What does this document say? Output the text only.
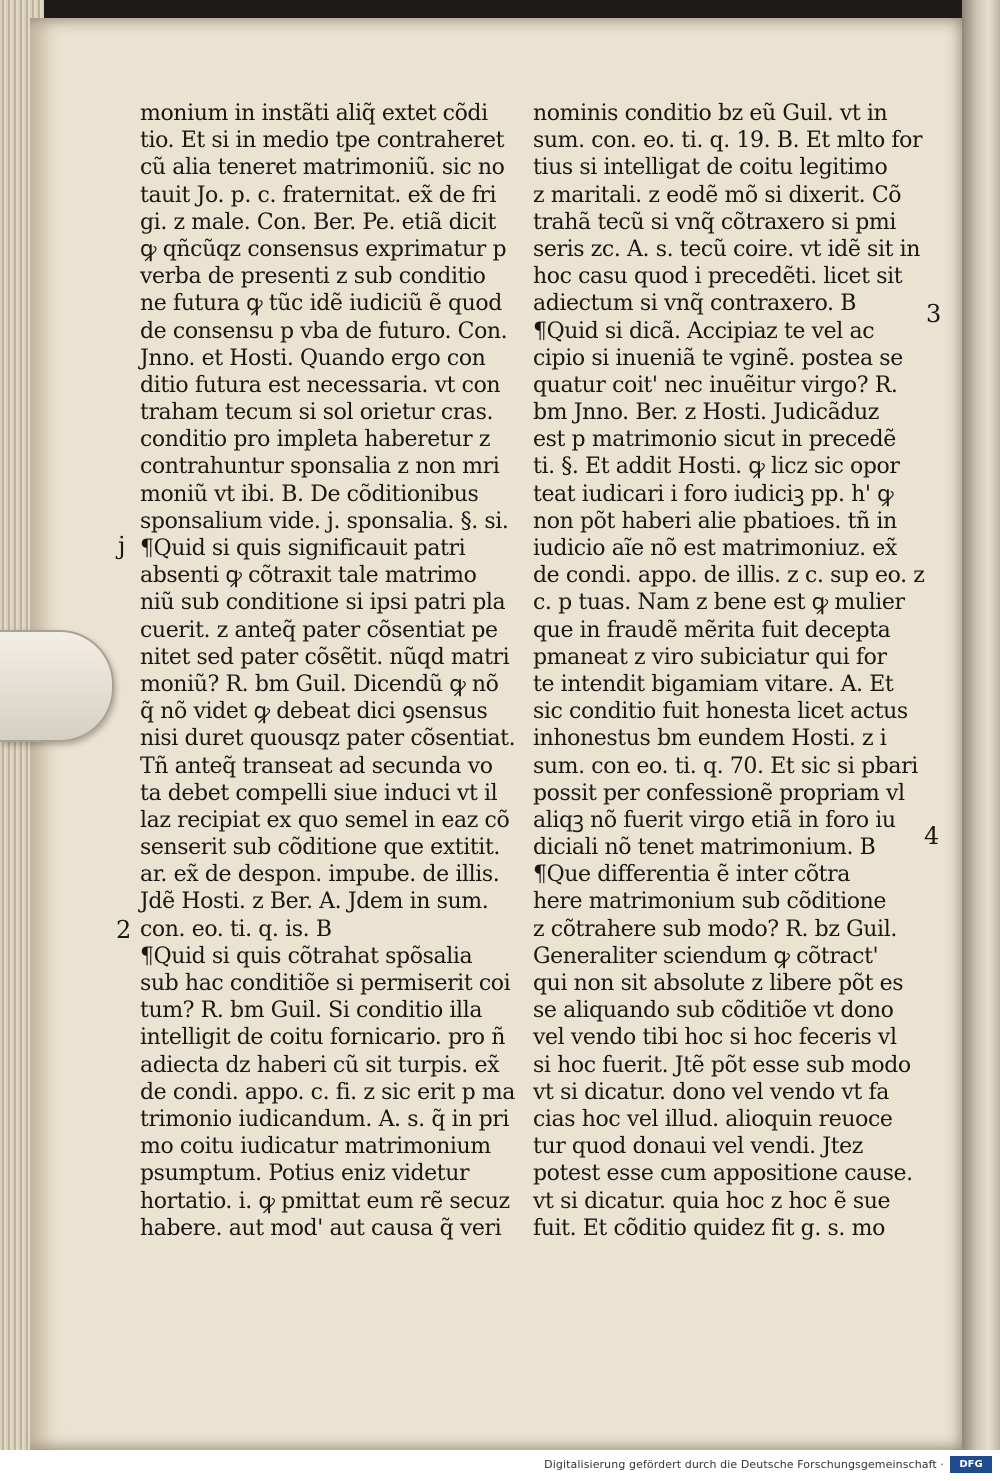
monium in instãti aliq̃ extet cõdi
tio. Et si in medio tpe contraheret
cũ alia teneret matrimoniũ. sic no
tauit Jo. p. c. fraternitat. ex̃ de fri
gi. z male. Con. Ber. Pe. etiã dicit
ꝙ qñcũqz consensus exprimatur p
verba de presenti z sub conditio
ne futura ꝙ tũc idẽ iudiciũ ẽ quod
de consensu p vba de futuro. Con.
Jnno. et Hosti. Quando ergo con
ditio futura est necessaria. vt con
traham tecum si sol orietur cras.
conditio pro impleta haberetur z
contrahuntur sponsalia z non mri
moniũ vt ibi. B. De cõditionibus
sponsalium vide. j. sponsalia. §. si.
¶Quid si quis significauit patri
absenti ꝙ cõtraxit tale matrimo
niũ sub conditione si ipsi patri pla
cuerit. z anteq̃ pater cõsentiat pe
nitet sed pater cõsẽtit. nũqd matri
moniũ? R. bm Guil. Dicendũ ꝙ nõ
q̃ nõ videt ꝙ debeat dici ꝯsensus
nisi duret quousqz pater cõsentiat.
Tñ anteq̃ transeat ad secunda vo
ta debet compelli siue induci vt il
laz recipiat ex quo semel in eaz cõ
senserit sub cõditione que extitit.
ar. ex̃ de despon. impube. de illis.
Jdẽ Hosti. z Ber. A. Jdem in sum.
con. eo. ti. q. is. B
¶Quid si quis cõtrahat spõsalia
sub hac conditiõe si permiserit coi
tum? R. bm Guil. Si conditio illa
intelligit de coitu fornicario. pro ñ
adiecta dz haberi cũ sit turpis. ex̃
de condi. appo. c. fi. z sic erit p ma
trimonio iudicandum. A. s. q̃ in pri
mo coitu iudicatur matrimonium
psumptum. Potius eniz videtur
hortatio. i. ꝙ pmittat eum rẽ secuz
habere. aut mod' aut causa q̃ veri
nominis conditio bz eũ Guil. vt in
sum. con. eo. ti. q. 19. B. Et mlto for
tius si intelligat de coitu legitimo
z maritali. z eodẽ mõ si dixerit. Cõ
trahã tecũ si vnq̃ cõtraxero si pmi
seris zc. A. s. tecũ coire. vt idẽ sit in
hoc casu quod i precedẽti. licet sit
adiectum si vnq̃ contraxero. B
¶Quid si dicã. Accipiaz te vel ac
cipio si inueniã te vginẽ. postea se
quatur coit' nec inuẽitur virgo? R.
bm Jnno. Ber. z Hosti. Judicãduz
est p matrimonio sicut in precedẽ
ti. §. Et addit Hosti. ꝙ licz sic opor
teat iudicari i foro iudiciꝫ pp. h' ꝙ
non põt haberi alie pbatioes. tñ in
iudicio aĩe nõ est matrimoniuz. ex̃
de condi. appo. de illis. z c. sup eo. z
c. p tuas. Nam z bene est ꝙ mulier
que in fraudẽ mẽrita fuit decepta
pmaneat z viro subiciatur qui for
te intendit bigamiam vitare. A. Et
sic conditio fuit honesta licet actus
inhonestus bm eundem Hosti. z i
sum. con eo. ti. q. 70. Et sic si pbari
possit per confessionẽ propriam vl
aliqꝫ nõ fuerit virgo etiã in foro iu
diciali nõ tenet matrimonium. B
¶Que differentia ẽ inter cõtra
here matrimonium sub cõditione
z cõtrahere sub modo? R. bz Guil.
Generaliter sciendum ꝙ cõtract'
qui non sit absolute z libere põt es
se aliquando sub cõditiõe vt dono
vel vendo tibi hoc si hoc feceris vl
si hoc fuerit. Jtẽ põt esse sub modo
vt si dicatur. dono vel vendo vt fa
cias hoc vel illud. alioquin reuoce
tur quod donaui vel vendi. Jtez
potest esse cum appositione cause.
vt si dicatur. quia hoc z hoc ẽ sue
fuit. Et cõditio quidez fit g. s. mo
j
2
3
4
Digitalisierung gefördert durch die Deutsche Forschungsgemeinschaft ·	DFG
